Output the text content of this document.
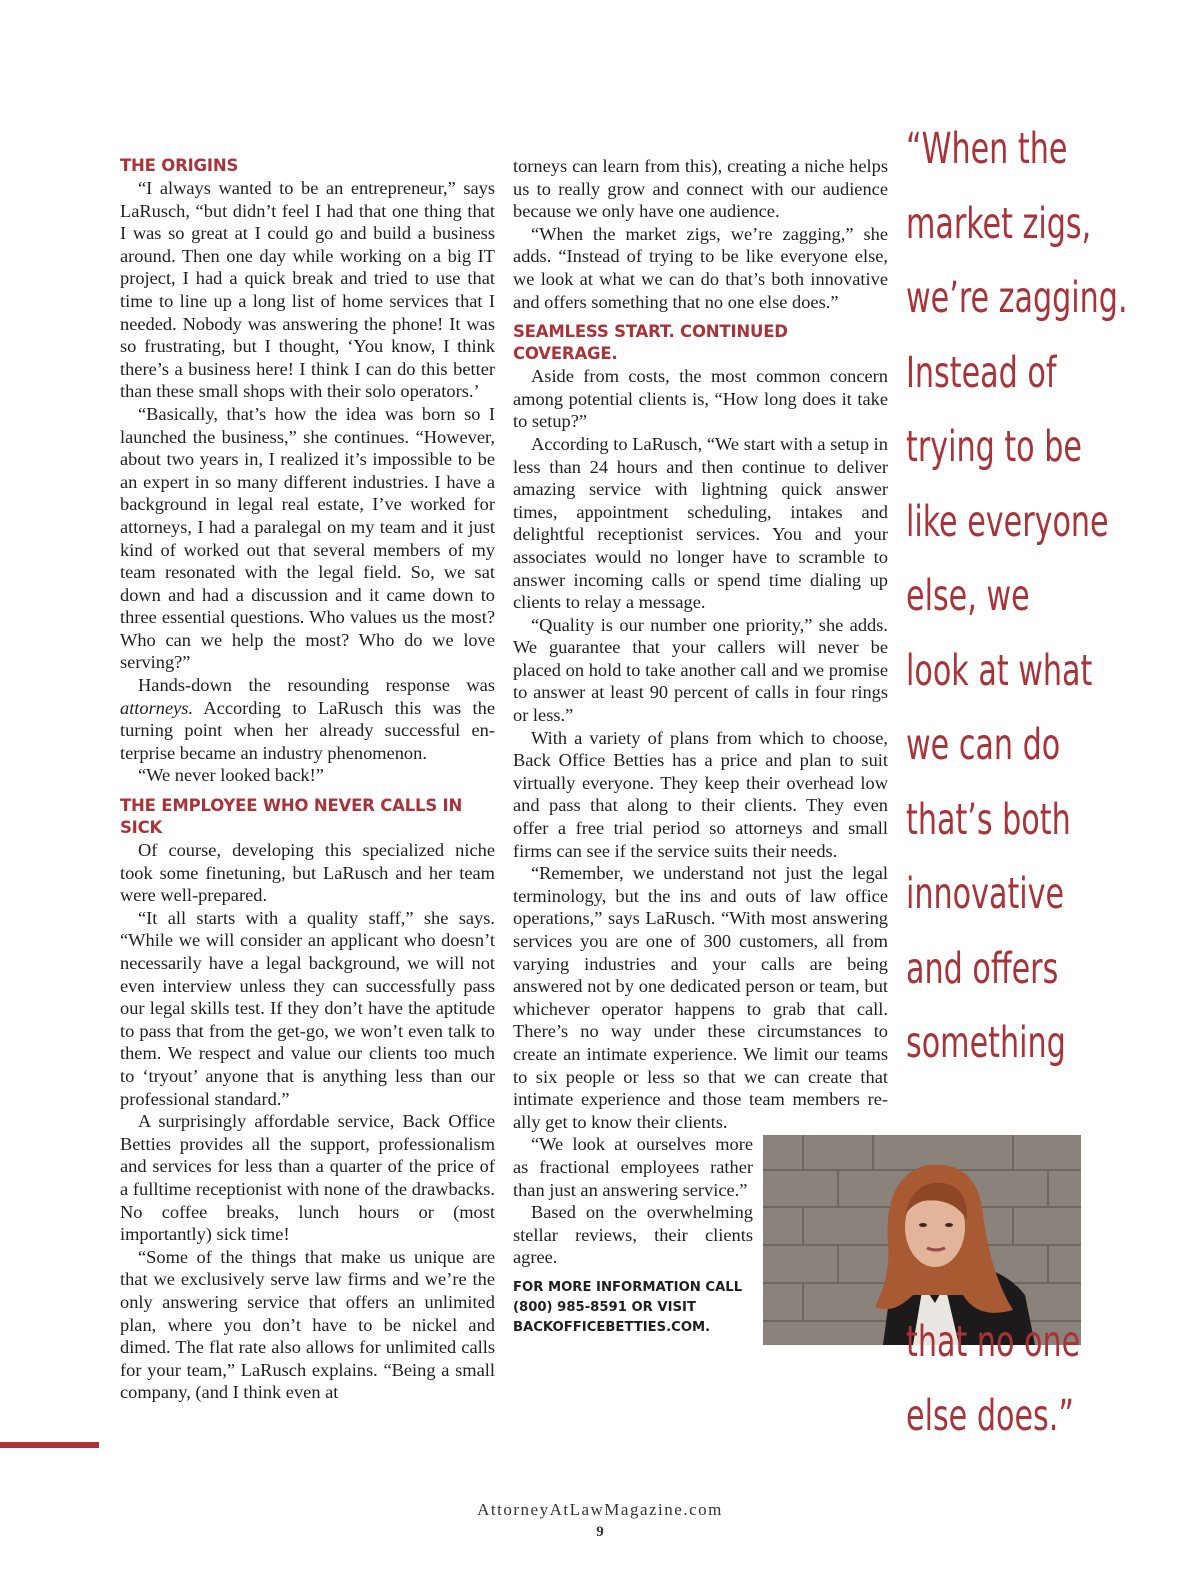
THE ORIGINS

“I always wanted to be an entrepreneur,” says LaRusch, “but didn’t feel I had that one thing that I was so great at I could go and build a business around. Then one day while working on a big IT project, I had a quick break and tried to use that time to line up a long list of home services that I needed. Nobody was answering the phone! It was so frustrating, but I thought, ‘You know, I think there’s a business here! I think I can do this better than these small shops with their solo operators.’

“Basically, that’s how the idea was born so I launched the business,” she continues. “However, about two years in, I realized it’s impossible to be an expert in so many different industries. I have a background in legal real estate, I’ve worked for attorneys, I had a paralegal on my team and it just kind of worked out that several members of my team resonated with the legal field. So, we sat down and had a discussion and it came down to three essential questions. Who values us the most? Who can we help the most? Who do we love serving?”

Hands-down the resounding response was attorneys. According to LaRusch this was the turning point when her already successful enterprise became an industry phenomenon.

“We never looked back!”

THE EMPLOYEE WHO NEVER CALLS IN SICK

Of course, developing this specialized niche took some finetuning, but LaRusch and her team were well-prepared.

“It all starts with a quality staff,” she says. “While we will consider an applicant who doesn’t necessarily have a legal background, we will not even interview unless they can successfully pass our legal skills test. If they don’t have the aptitude to pass that from the get-go, we won’t even talk to them. We respect and value our clients too much to ‘tryout’ anyone that is anything less than our professional standard.”

A surprisingly affordable service, Back Office Betties provides all the support, professionalism and services for less than a quarter of the price of a fulltime receptionist with none of the drawbacks. No coffee breaks, lunch hours or (most importantly) sick time!

“Some of the things that make us unique are that we exclusively serve law firms and we’re the only answering service that offers an unlimited plan, where you don’t have to be nickel and dimed. The flat rate also allows for unlimited calls for your team,” LaRusch explains. “Being a small company, (and I think even at

torneys can learn from this), creating a niche helps us to really grow and connect with our audience because we only have one audience.

“When the market zigs, we’re zagging,” she adds. “Instead of trying to be like everyone else, we look at what we can do that’s both innovative and offers something that no one else does.”

SEAMLESS START. CONTINUED COVERAGE.

Aside from costs, the most common concern among potential clients is, “How long does it take to setup?”

According to LaRusch, “We start with a setup in less than 24 hours and then continue to deliver amazing service with lightning quick answer times, appointment scheduling, intakes and delightful receptionist services. You and your associates would no longer have to scramble to answer incoming calls or spend time dialing up clients to relay a message.

“Quality is our number one priority,” she adds. We guarantee that your callers will never be placed on hold to take another call and we promise to answer at least 90 percent of calls in four rings or less.”

With a variety of plans from which to choose, Back Office Betties has a price and plan to suit virtually everyone. They keep their overhead low and pass that along to their clients. They even offer a free trial period so attorneys and small firms can see if the service suits their needs.

“Remember, we understand not just the legal terminology, but the ins and outs of law office operations,” says LaRusch. “With most answering services you are one of 300 customers, all from varying industries and your calls are being answered not by one dedicated person or team, but whichever operator happens to grab that call. There’s no way under these circumstances to create an intimate experience. We limit our teams to six people or less so that we can create that intimate experience and those team members really get to know their clients.

“We look at ourselves more as fractional employees rather than just an answering service.”

Based on the overwhelming stellar reviews, their clients agree.

FOR MORE INFORMATION CALL (800) 985-8591 OR VISIT BACKOFFICEBETTIES.COM.
“When the
market zigs,
we’re zagging.
Instead of
trying to be
like everyone
else, we
look at what
we can do
that’s both
innovative
and offers
something
that no one
else does.”
AttorneyAtLawMagazine.com
9
